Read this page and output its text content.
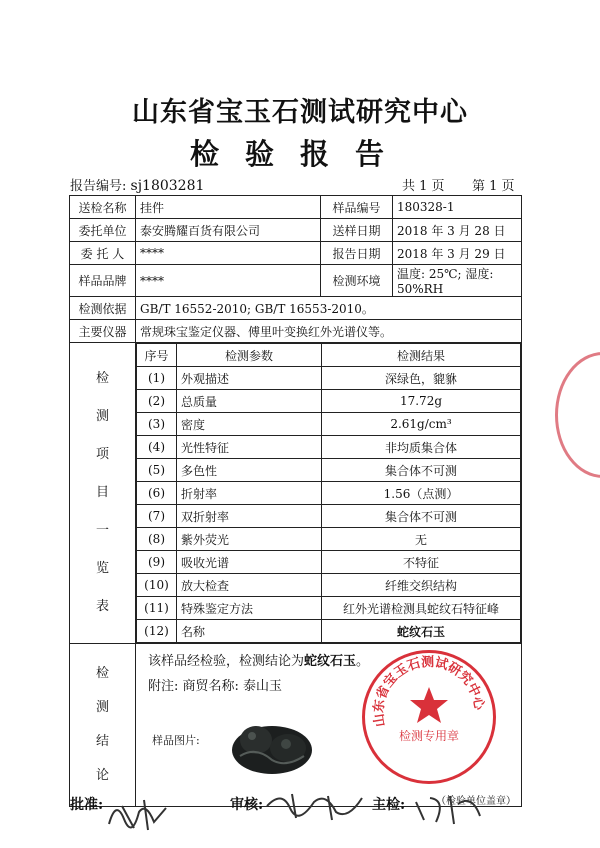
山东省宝玉石测试研究中心
检验报告
报告编号: sj1803281	共 1 页 第 1 页
送检名称	挂件	样品编号	180328-1
委托单位	泰安腾耀百货有限公司	送样日期	2018 年 3 月 28 日
委 托 人	****	报告日期	2018 年 3 月 29 日
样品品牌	****	检测环境	温度: 25℃; 湿度: 50%RH
检测依据	GB/T 16552-2010; GB/T 16553-2010。
主要仪器	常规珠宝鉴定仪器、傅里叶变换红外光谱仪等。

检
测
项
目
一
览
表

序号	检测参数	检测结果
(1)	外观描述	深绿色，貔貅
(2)	总质量	17.72g
(3)	密度	2.61g/cm³
(4)	光性特征	非均质集合体
(5)	多色性	集合体不可测
(6)	折射率	1.56（点测）
(7)	双折射率	集合体不可测
(8)	紫外荧光	无
(9)	吸收光谱	不特征
(10)	放大检查	纤维交织结构
(11)	特殊鉴定方法	红外光谱检测具蛇纹石特征峰
(12)	名称	蛇纹石玉

检
测
结
论

该样品经检验，检测结论为蛇纹石玉。
附注: 商贸名称: 泰山玉
样品图片:
（检验单位盖章）
山东省宝玉石测试研究中心
检测专用章
批准:	审核:	主检:
